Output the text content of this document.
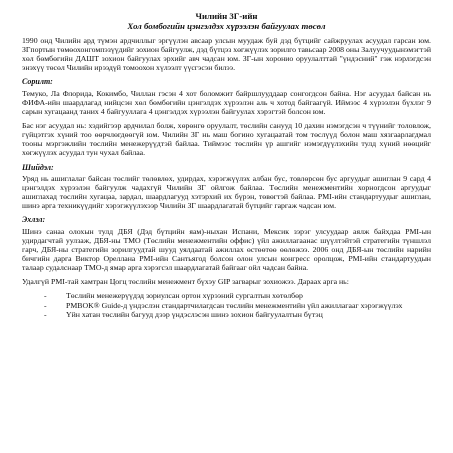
Чилийн 3Г-ийн
Хол бомбогийн цэнгэлдэх хүрээлэн байгуулах төсөл

1990 онд Чилийн ард түмэн ардчиллыг эргүүлэн авсаар улсын муудаж буй дэд бүтцийг сайжруулах асуудал гарсан юм. ЗГпортын төмөохонгомпэзүүдийг зохион байгуулж, дэд бүтцэз хөгжүүлэх зорилго тавьсаар 2008 оны Залуучуудынэмэгтэй хөл бөмбөгийн ДАШТ зохион байгуулах эрхийг авч чадсан юм. ЗГ-ын хоронио оруулалттай "үндэсний" гэж нэрлэгдсэн энэхүү төсөл Чилийн ирээдүй томоохон хүлээлт үүсгэсэн билээ.

Сорилт:

Темуко, Ла Флорида, Кокимбо, Чиллан гэсэн 4 хот боломжит байршлууддаар сонгогдсон байна. Нэг асуудал байсан нь ФИФА-ийн шаардлагад нийцсэн хөл бөмбөгийн цэнгэлдэх хүрээлэн аль ч хотод байгаагүй. Иймээс 4 хүрээлэн бүхлэг 9 сарын хугацаанд таних 4 байгууллага 4 цэнгэлдэх хүрээлэн байгуулах хэрэгтэй болсон юм.

Бас нэг асуудал нь: хэдийгээр ардчилал болж, хөрөнгө оруулалт, төслийн санууд 10 дахин нэмэгдсэн ч түүнийг толовлож, гүйцэтгэх хүний тоо өөрчлөгдөөгүй юм. Чилийн ЗГ нь маш богино хугацаатай том төслүүд болон маш хязгаарлагдмал тооны мэргэжлийн төслийн менежерүүдтэй байлаа. Тиймээс төслийн үр ашгийг нэмэгдүүлэхийн тулд хүний нөөцийг хөгжүүлэх асуудал тун чухал байлаа.

Шийдэл:

Уряд нь ашиглалаг байсан төслийг төлөвлөх, удирдах, хэрэгжүүлэх албан бус, товлөрсөн бус аргуудыг ашиглан 9 сард 4 цэнгэлдэх хүрээлэн байгуулж чадахгүй Чилийн ЗГ ойлгож байлаа. Төслийн менежментийн хорногдсон аргуудыг ашиглахад төслийн хугацаа, зардал, шаардлагууд хэтэрхий их бүрэн, төвөгтэй байлаа. PMI-ийн стандартуудыг ашиглан, шинэ арга техникүүдийг хэрэгжүүлэхээр Чилийн ЗГ шаардлагатай бүтцийг гаргаж чадсан юм.

Эхлэл:

Шинэ санаа олохын тулд ДБЯ (Дэд бүтцийн яам)-ныхан Испани, Мексик зэрэг улсуудаар аялж байхдаа PMI-ын удирдагчтай уулзаж, ДБЯ-ны ТМО (Төслийн менежментийн оффис) үйл ажиллагаанас шүүлтэйтэй стратегийн түншлэл гарч, ДБЯ-ны стратегийн зорилгуудтай шууд уялдаатай ажиллах өстөөтөө өөлөжээ. 2006 онд ДБЯ-ын төслийн нарийн бичгийн дарга Виктор Ореллана PMI-ийн Сантьягод болсон олон улсын конгресс оролцож, PMI-ийн стандартуудын талаар судалснаар ТМО-д ямар арга хэрэгсэл шаардлагатай байгааг ойл чадсан байна.

Удалгүй PMI-тай хамтран Цогц төслийн менежмент бүхэу GIP загварыг зохиожээ. Дараах арга нь:

- Төслийн менежерүүдэд зориулсан ортон хүрээний сургалтын хөтөлбөр
- PMBOK® Guide-д үндэслэн стандартчилагдсан төслийн менежментийн үйл ажиллагааг хэрэгжүүлэх
- Үйн хатан төслийн багууд дээр үндэслэсэн шинэ зохион байгуулалтын бүтэц
